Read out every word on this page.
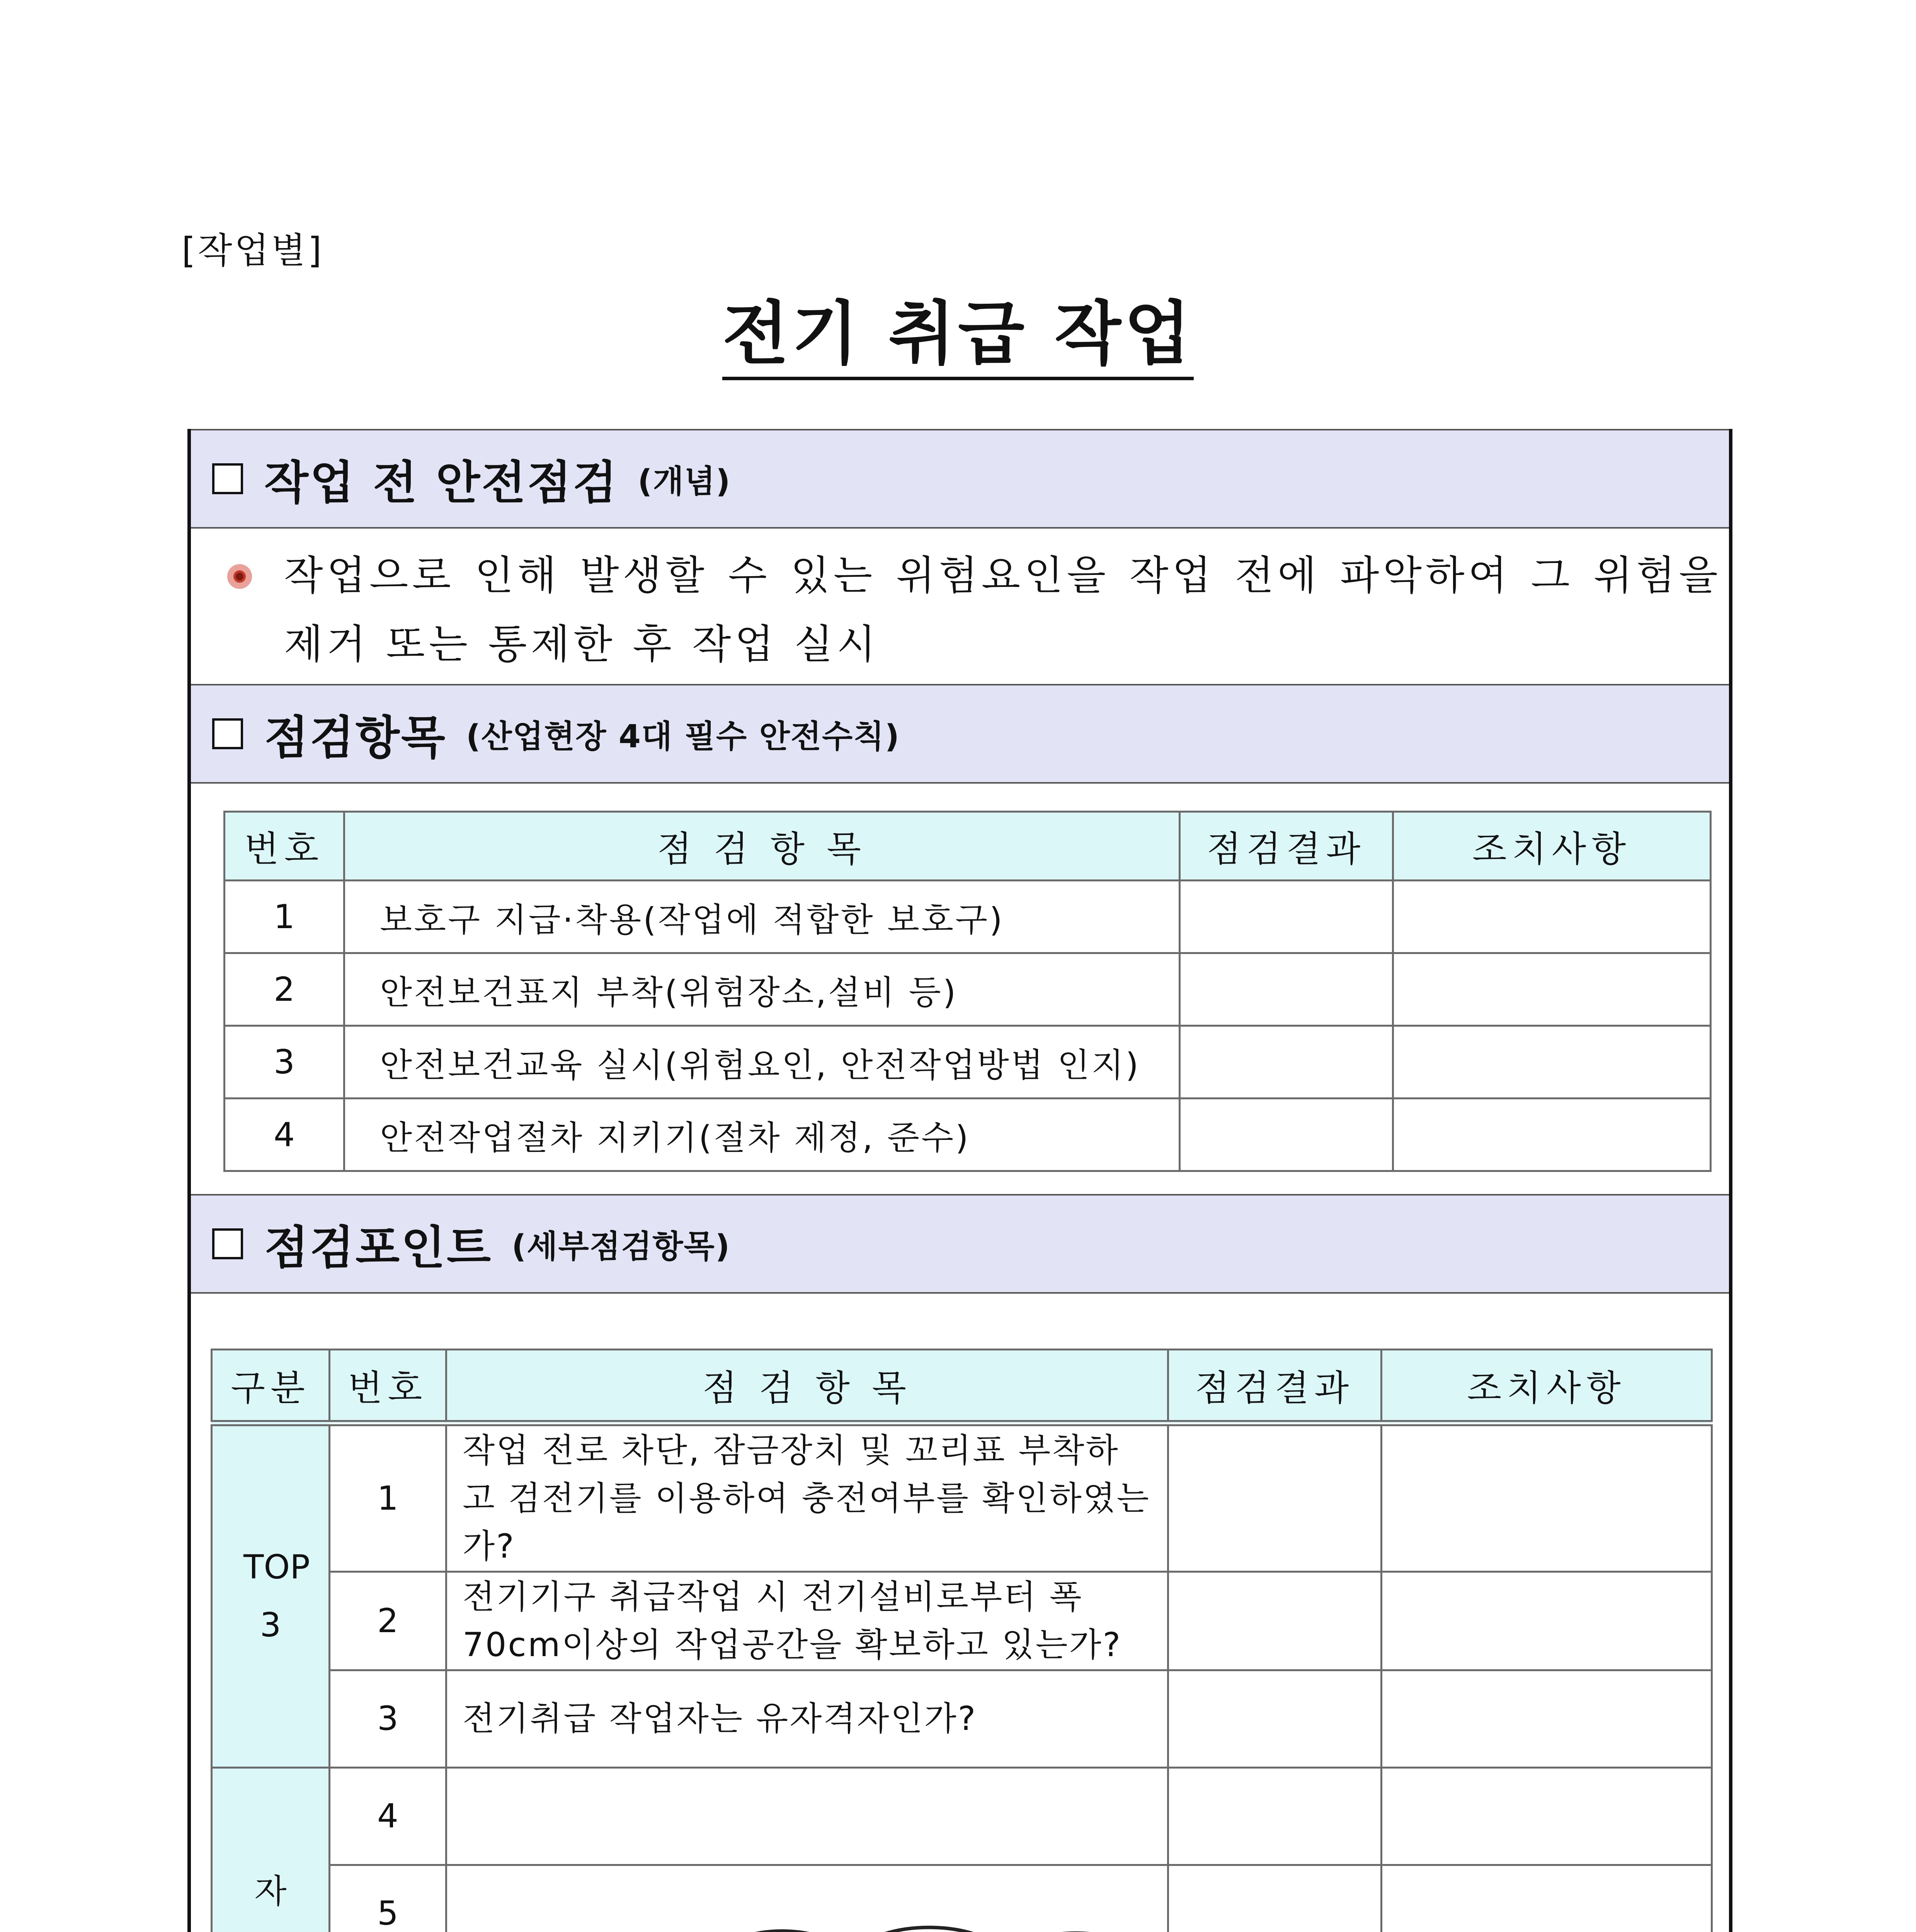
[작업별]
전기 취급 작업
작업 전 안전점검 (개념)
작업으로 인해 발생할 수 있는 위험요인을 작업 전에 파악하여 그 위험을 제거 또는 통제한 후 작업 실시
점검항목 (산업현장 4대 필수 안전수칙)
번호	점 검 항 목	점검결과	조치사항
1	보호구 지급·착용(작업에 적합한 보호구)		
2	안전보건표지 부착(위험장소,설비 등)		
3	안전보건교육 실시(위험요인, 안전작업방법 인지)		
4	안전작업절차 지키기(절차 제정, 준수)		
점검포인트 (세부점검항목)
구분	번호	점 검 항 목	점검결과	조치사항
TOP 3	1	작업 전로 차단, 잠금장치 및 꼬리표 부착하고 검전기를 이용하여 충전여부를 확인하였는가?		
	2	전기기구 취급작업 시 전기설비로부터 폭 70cm이상의 작업공간을 확보하고 있는가?		
	3	전기취급 작업자는 유자격자인가?		
자	4			
	5			
